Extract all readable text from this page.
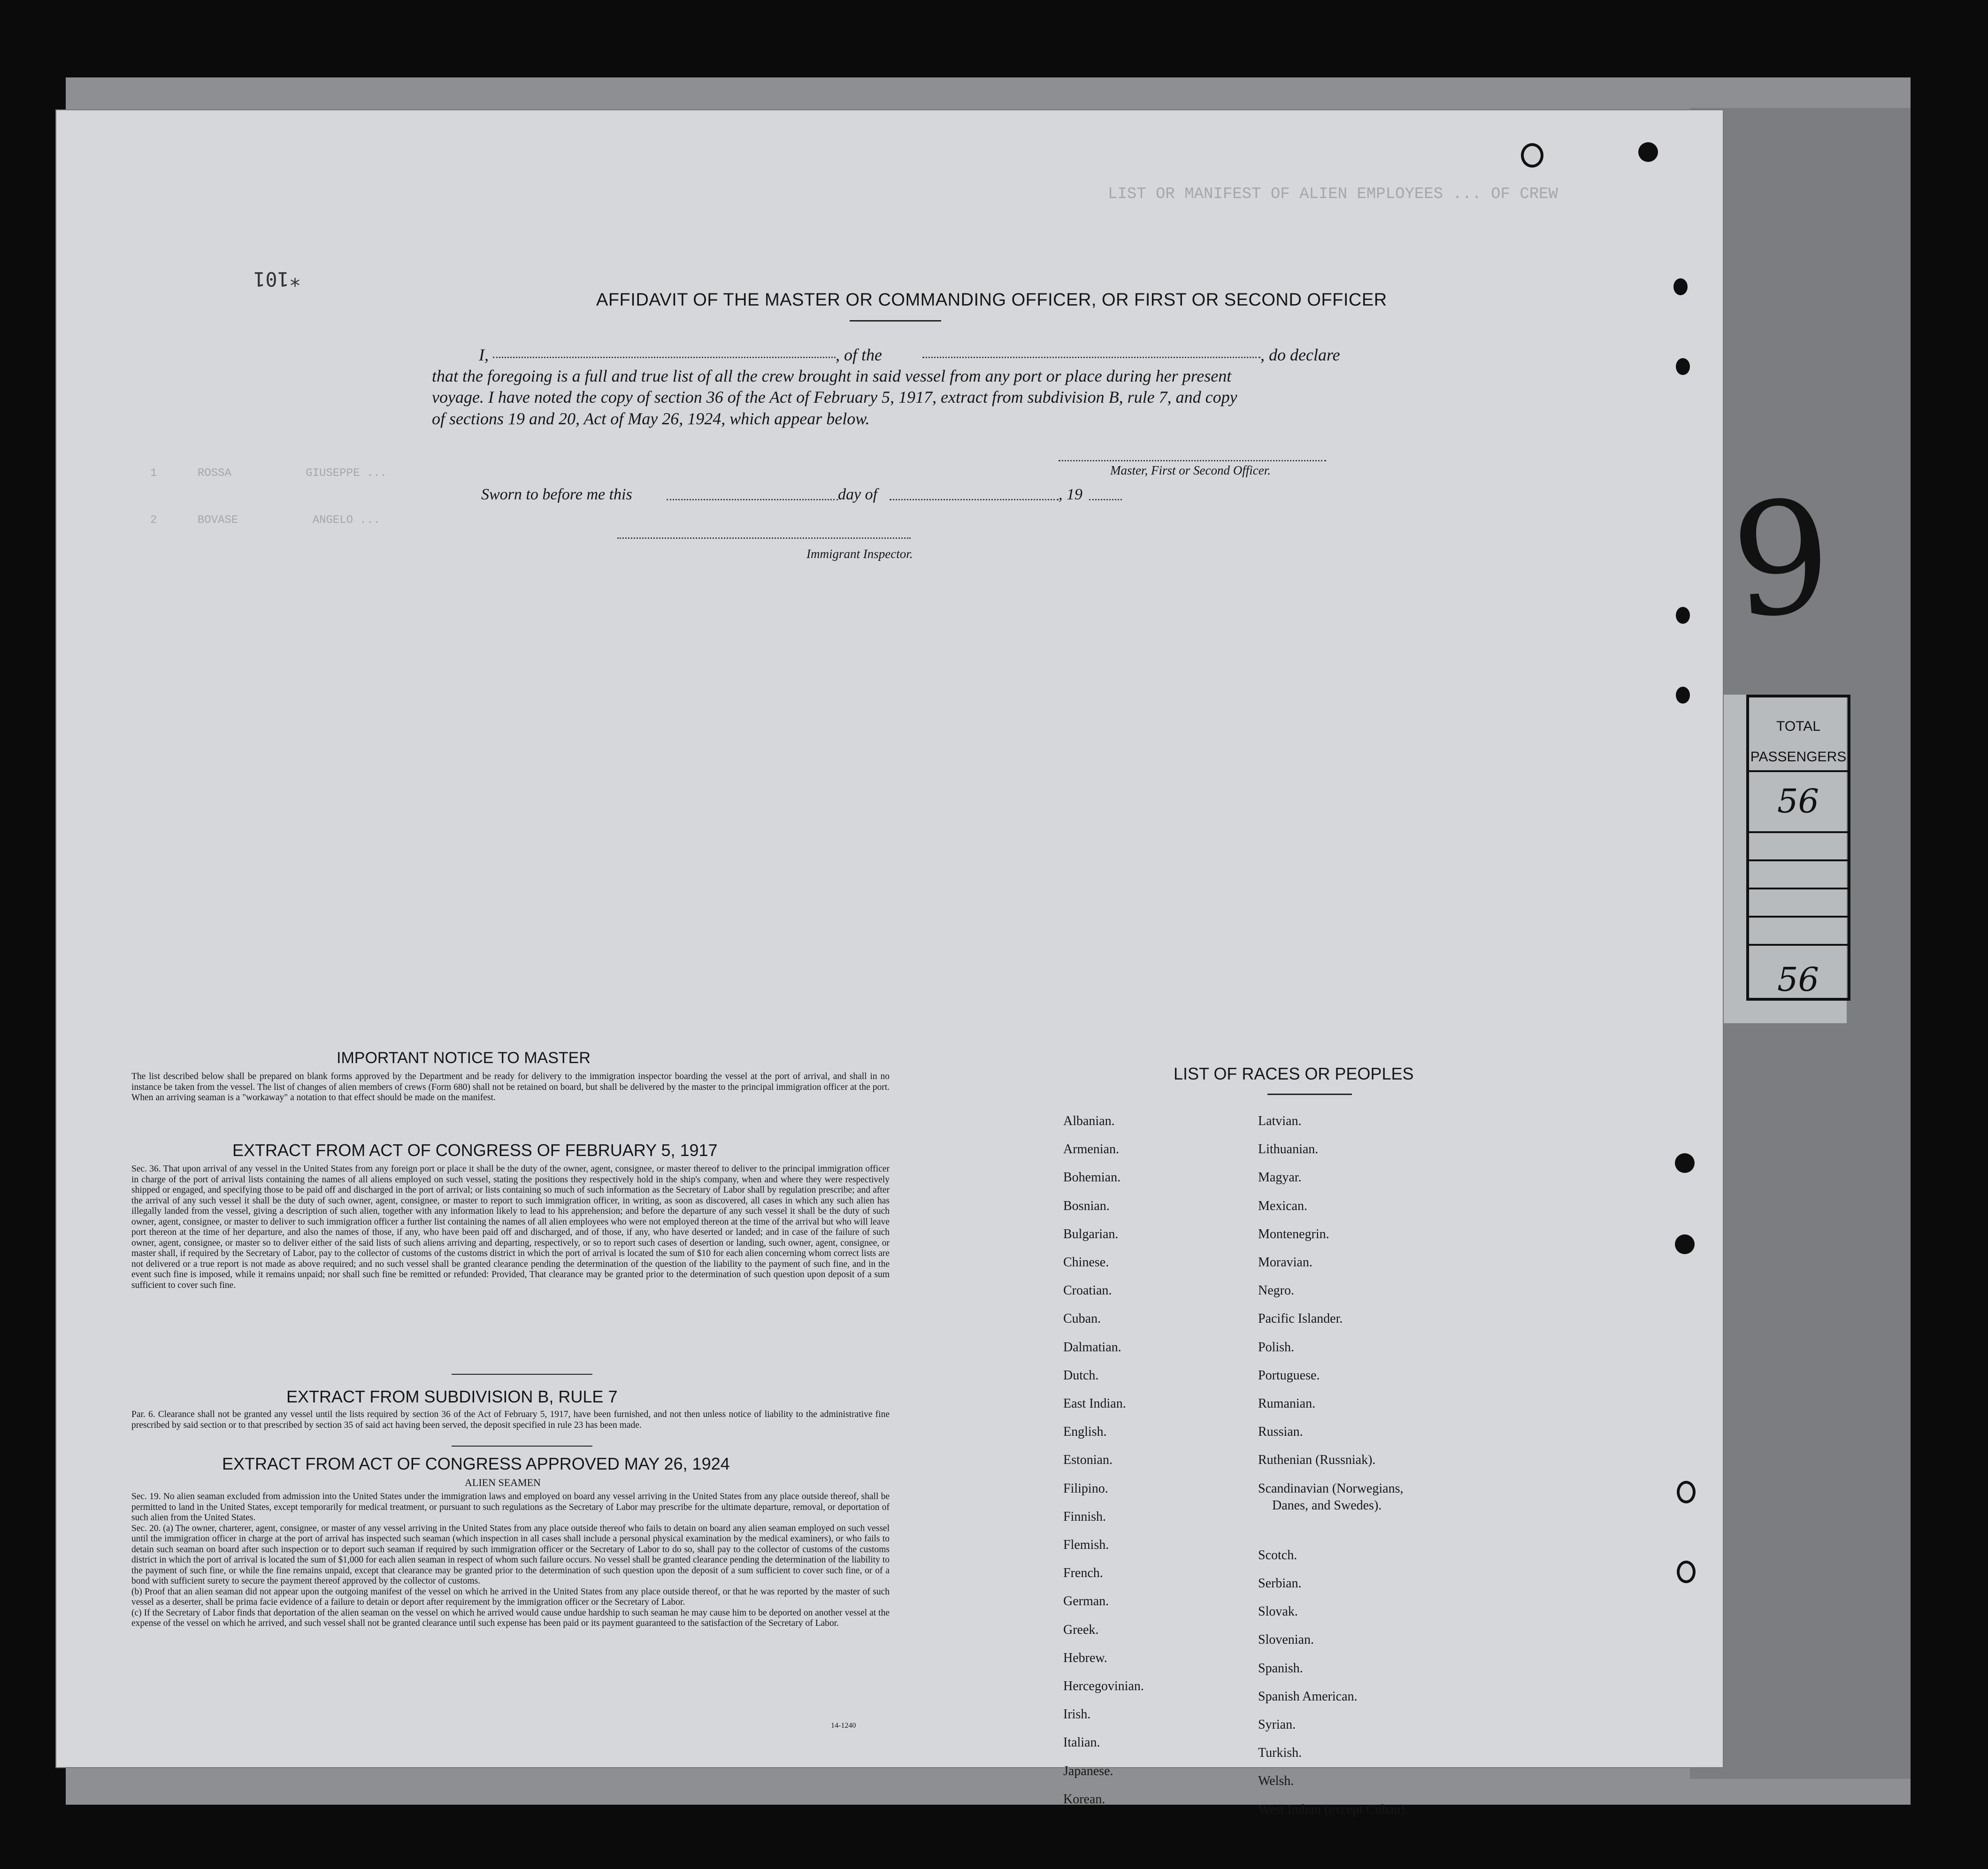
9
TOTAL
PASSENGERS
56
56
LIST OR MANIFEST OF ALIEN EMPLOYEES ... OF CREW
1      ROSSA           GIUSEPPE ...
2      BOVASE           ANGELO ...
*101
AFFIDAVIT OF THE MASTER OR COMMANDING OFFICER, OR FIRST OR SECOND OFFICER
I,	, of the	, do declare
that the foregoing is a full and true list of all the crew brought in said vessel from any port or place during her present
voyage. I have noted the copy of section 36 of the Act of February 5, 1917, extract from subdivision B, rule 7, and copy
of sections 19 and 20, Act of May 26, 1924, which appear below.
Master, First or Second Officer.
Sworn to before me this	day of	, 19
Immigrant Inspector.
IMPORTANT NOTICE TO MASTER
The list described below shall be prepared on blank forms approved by the Department and be ready for delivery to the immigration inspector boarding the vessel at the port of arrival, and shall in no instance be taken from the vessel. The list of changes of alien members of crews (Form 680) shall not be retained on board, but shall be delivered by the master to the principal immigration officer at the port. When an arriving seaman is a "workaway" a notation to that effect should be made on the manifest.
EXTRACT FROM ACT OF CONGRESS OF FEBRUARY 5, 1917
Sec. 36. That upon arrival of any vessel in the United States from any foreign port or place it shall be the duty of the owner, agent, consignee, or master thereof to deliver to the principal immigration officer in charge of the port of arrival lists containing the names of all aliens employed on such vessel, stating the positions they respectively hold in the ship's company, when and where they were respectively shipped or engaged, and specifying those to be paid off and discharged in the port of arrival; or lists containing so much of such information as the Secretary of Labor shall by regulation prescribe; and after the arrival of any such vessel it shall be the duty of such owner, agent, consignee, or master to report to such immigration officer, in writing, as soon as discovered, all cases in which any such alien has illegally landed from the vessel, giving a description of such alien, together with any information likely to lead to his apprehension; and before the departure of any such vessel it shall be the duty of such owner, agent, consignee, or master to deliver to such immigration officer a further list containing the names of all alien employees who were not employed thereon at the time of the arrival but who will leave port thereon at the time of her departure, and also the names of those, if any, who have been paid off and discharged, and of those, if any, who have deserted or landed; and in case of the failure of such owner, agent, consignee, or master so to deliver either of the said lists of such aliens arriving and departing, respectively, or so to report such cases of desertion or landing, such owner, agent, consignee, or master shall, if required by the Secretary of Labor, pay to the collector of customs of the customs district in which the port of arrival is located the sum of $10 for each alien concerning whom correct lists are not delivered or a true report is not made as above required; and no such vessel shall be granted clearance pending the determination of the question of the liability to the payment of such fine, and in the event such fine is imposed, while it remains unpaid; nor shall such fine be remitted or refunded: Provided, That clearance may be granted prior to the determination of such question upon deposit of a sum sufficient to cover such fine.
EXTRACT FROM SUBDIVISION B, RULE 7
Par. 6. Clearance shall not be granted any vessel until the lists required by section 36 of the Act of February 5, 1917, have been furnished, and not then unless notice of liability to the administrative fine prescribed by said section or to that prescribed by section 35 of said act having been served, the deposit specified in rule 23 has been made.
EXTRACT FROM ACT OF CONGRESS APPROVED MAY 26, 1924
ALIEN SEAMEN
Sec. 19. No alien seaman excluded from admission into the United States under the immigration laws and employed on board any vessel arriving in the United States from any place outside thereof, shall be permitted to land in the United States, except temporarily for medical treatment, or pursuant to such regulations as the Secretary of Labor may prescribe for the ultimate departure, removal, or deportation of such alien from the United States.
Sec. 20. (a) The owner, charterer, agent, consignee, or master of any vessel arriving in the United States from any place outside thereof who fails to detain on board any alien seaman employed on such vessel until the immigration officer in charge at the port of arrival has inspected such seaman (which inspection in all cases shall include a personal physical examination by the medical examiners), or who fails to detain such seaman on board after such inspection or to deport such seaman if required by such immigration officer or the Secretary of Labor to do so, shall pay to the collector of customs of the customs district in which the port of arrival is located the sum of $1,000 for each alien seaman in respect of whom such failure occurs. No vessel shall be granted clearance pending the determination of the liability to the payment of such fine, or while the fine remains unpaid, except that clearance may be granted prior to the determination of such question upon the deposit of a sum sufficient to cover such fine, or of a bond with sufficient surety to secure the payment thereof approved by the collector of customs.
(b) Proof that an alien seaman did not appear upon the outgoing manifest of the vessel on which he arrived in the United States from any place outside thereof, or that he was reported by the master of such vessel as a deserter, shall be prima facie evidence of a failure to detain or deport after requirement by the immigration officer or the Secretary of Labor.
(c) If the Secretary of Labor finds that deportation of the alien seaman on the vessel on which he arrived would cause undue hardship to such seaman he may cause him to be deported on another vessel at the expense of the vessel on which he arrived, and such vessel shall not be granted clearance until such expense has been paid or its payment guaranteed to the satisfaction of the Secretary of Labor.
14-1240
LIST OF RACES OR PEOPLES
Albanian.
Armenian.
Bohemian.
Bosnian.
Bulgarian.
Chinese.
Croatian.
Cuban.
Dalmatian.
Dutch.
East Indian.
English.
Estonian.
Filipino.
Finnish.
Flemish.
French.
German.
Greek.
Hebrew.
Hercegovinian.
Irish.
Italian.
Japanese.
Korean.
Latvian.
Lithuanian.
Magyar.
Mexican.
Montenegrin.
Moravian.
Negro.
Pacific Islander.
Polish.
Portuguese.
Rumanian.
Russian.
Ruthenian (Russniak).
Scandinavian (Norwegians,
Danes, and Swedes).
Scotch.
Serbian.
Slovak.
Slovenian.
Spanish.
Spanish American.
Syrian.
Turkish.
Welsh.
West Indian (except Cuban).
